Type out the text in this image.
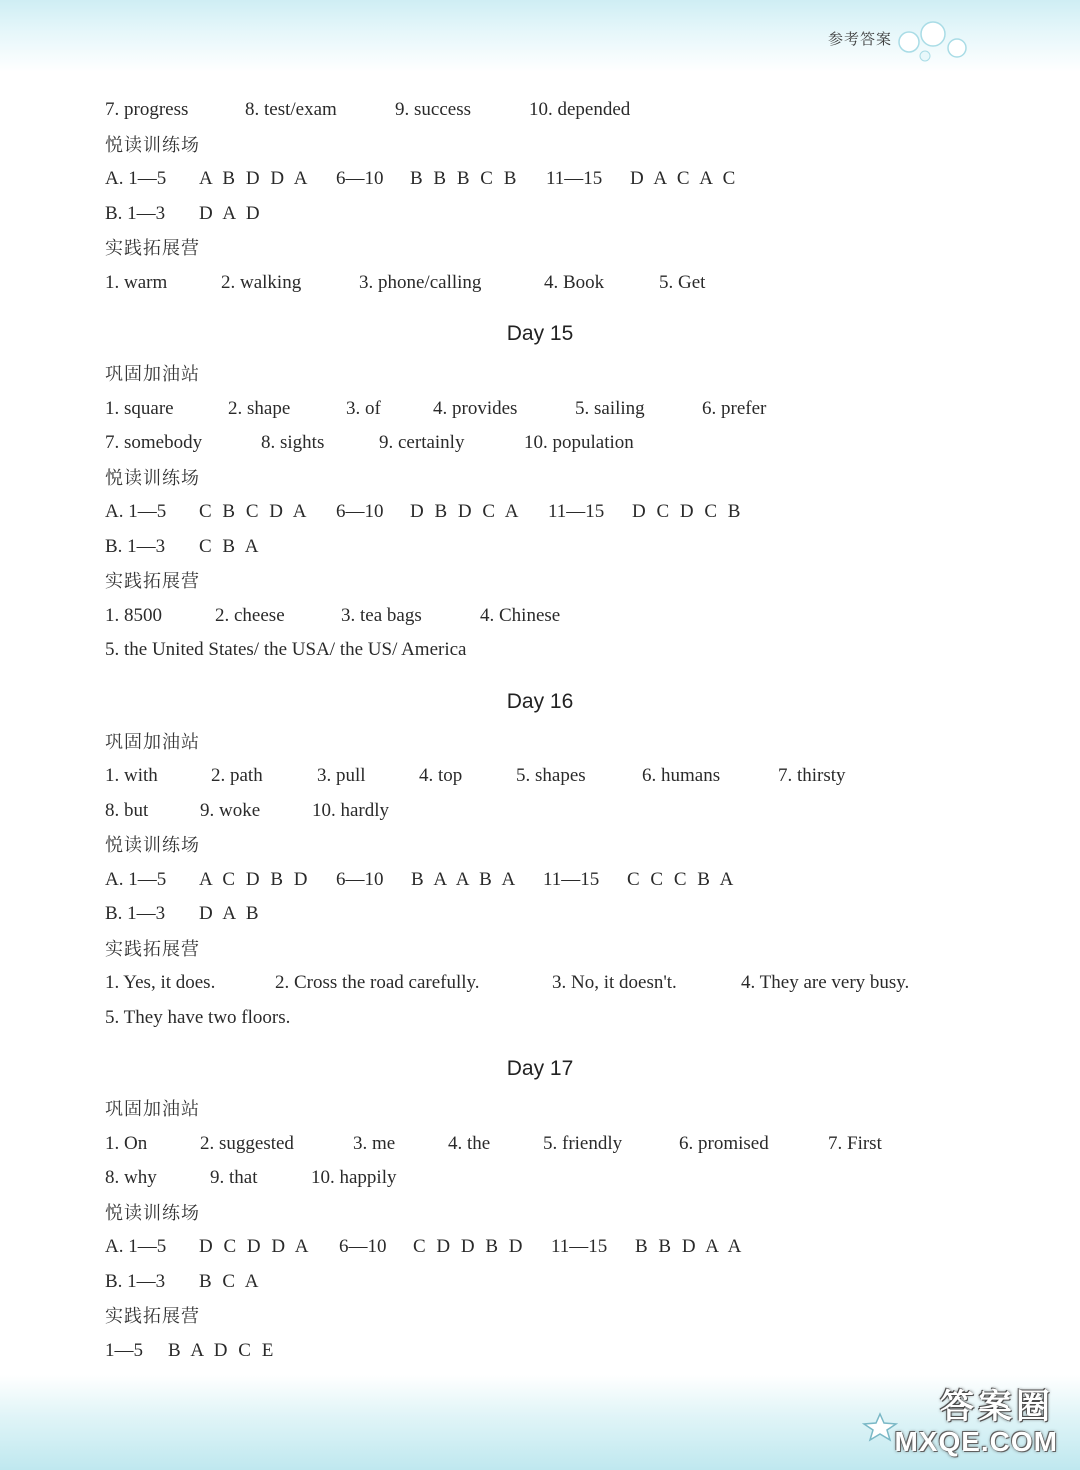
参考答案
7. progress	8. test/exam	9. success	10. depended
悦读训练场
A. 1—5	A B D D A	6—10	B B B C B	11—15	D A C A C
B. 1—3	D A D
实践拓展营
1. warm	2. walking	3. phone/calling	4. Book	5. Get
Day 15
巩固加油站
1. square	2. shape	3. of	4. provides	5. sailing	6. prefer
7. somebody	8. sights	9. certainly	10. population
悦读训练场
A. 1—5	C B C D A	6—10	D B D C A	11—15	D C D C B
B. 1—3	C B A
实践拓展营
1. 8500	2. cheese	3. tea bags	4. Chinese
5. the United States/ the USA/ the US/ America
Day 16
巩固加油站
1. with	2. path	3. pull	4. top	5. shapes	6. humans	7. thirsty
8. but	9. woke	10. hardly
悦读训练场
A. 1—5	A C D B D	6—10	B A A B A	11—15	C C C B A
B. 1—3	D A B
实践拓展营
1. Yes, it does.	2. Cross the road carefully.	3. No, it doesn't.	4. They are very busy.
5. They have two floors.
Day 17
巩固加油站
1. On	2. suggested	3. me	4. the	5. friendly	6. promised	7. First
8. why	9. that	10. happily
悦读训练场
A. 1—5	D C D D A	6—10	C D D B D	11—15	B B D A A
B. 1—3	B C A
实践拓展营
1—5	B A D C E
答案圈
MXQE.COM
